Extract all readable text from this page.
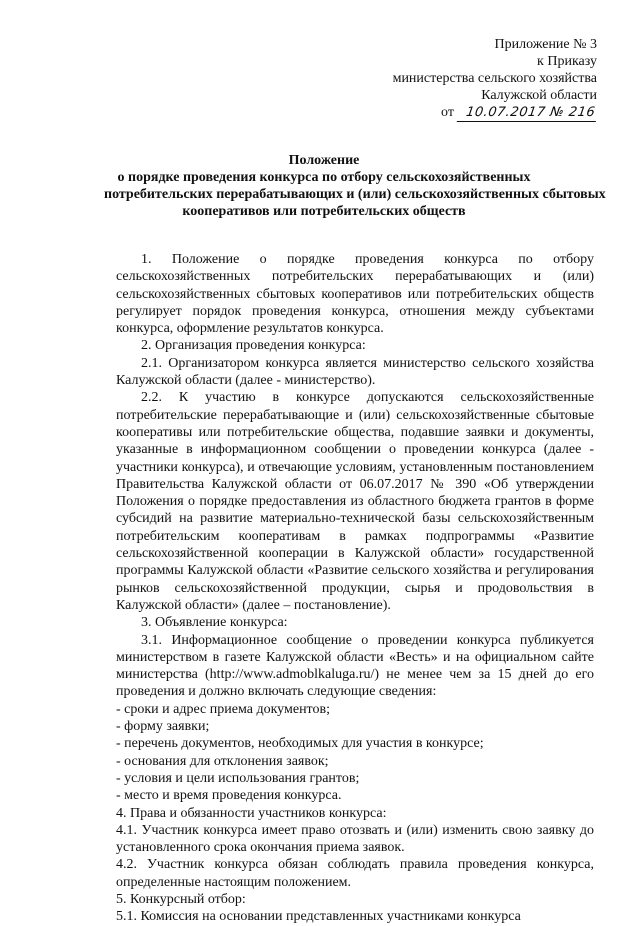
Приложение № 3
к Приказу
министерства сельского хозяйства
Калужской области
от 10.07.2017 № 216
Положение
о порядке проведения конкурса по отбору сельскохозяйственных
потребительских перерабатывающих и (или) сельскохозяйственных сбытовых
кооперативов или потребительских обществ

1. Положение о порядке проведения конкурса по отбору сельскохозяйственных потребительских перерабатывающих и (или) сельскохозяйственных сбытовых кооперативов или потребительских обществ регулирует порядок проведения конкурса, отношения между субъектами конкурса, оформление результатов конкурса.

2. Организация проведения конкурса:

2.1. Организатором конкурса является министерство сельского хозяйства Калужской области (далее - министерство).

2.2. К участию в конкурсе допускаются сельскохозяйственные потребительские перерабатывающие и (или) сельскохозяйственные сбытовые кооперативы или потребительские общества, подавшие заявки и документы, указанные в информационном сообщении о проведении конкурса (далее - участники конкурса), и отвечающие условиям, установленным постановлением Правительства Калужской области от 06.07.2017 № 390 «Об утверждении Положения о порядке предоставления из областного бюджета грантов в форме субсидий на развитие материально-технической базы сельскохозяйственным потребительским кооперативам в рамках подпрограммы «Развитие сельскохозяйственной кооперации в Калужской области» государственной программы Калужской области «Развитие сельского хозяйства и регулирования рынков сельскохозяйственной продукции, сырья и продовольствия в Калужской области» (далее – постановление).

3. Объявление конкурса:

3.1. Информационное сообщение о проведении конкурса публикуется министерством в газете Калужской области «Весть» и на официальном сайте министерства (http://www.admoblkaluga.ru/) не менее чем за 15 дней до его проведения и должно включать следующие сведения:

- сроки и адрес приема документов;

- форму заявки;

- перечень документов, необходимых для участия в конкурсе;

- основания для отклонения заявок;

- условия и цели использования грантов;

- место и время проведения конкурса.

4. Права и обязанности участников конкурса:

4.1. Участник конкурса имеет право отозвать и (или) изменить свою заявку до установленного срока окончания приема заявок.

4.2. Участник конкурса обязан соблюдать правила проведения конкурса, определенные настоящим положением.

5. Конкурсный отбор:

5.1. Комиссия на основании представленных участниками конкурса
